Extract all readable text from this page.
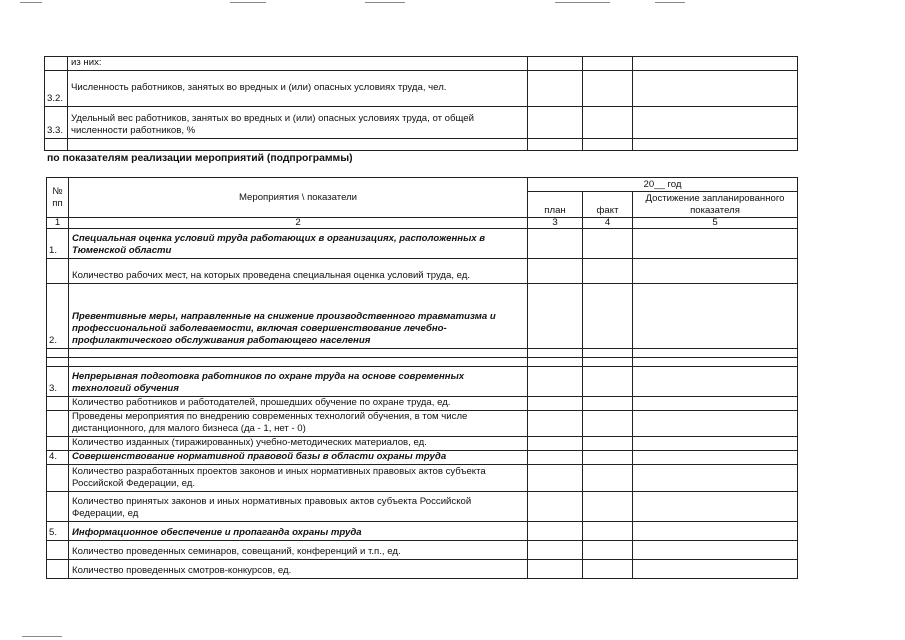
	из них:			
3.2.	Численность работников, занятых во вредных и (или) опасных условиях труда, чел.			
3.3.	Удельный вес работников, занятых во вредных и (или) опасных условиях труда, от общей численности работников, %			

по показателям реализации мероприятий (подпрограммы)
№ пп	Мероприятия \ показатели	20__ год		
		план	факт	Достижение запланированного показателя
1	2	3	4	5
1.	Специальная оценка условий труда работающих в организациях, расположенных в Тюменской области			
	Количество рабочих мест, на которых проведена специальная оценка условий труда, ед.			
2.	Превентивные меры, направленные на снижение производственного травматизма и профессиональной заболеваемости, включая совершенствование лечебно-профилактического обслуживания работающего населения			

3.	Непрерывная подготовка работников по охране труда на основе современных технологий обучения			
	Количество работников и работодателей, прошедших обучение по охране труда, ед.			
	Проведены мероприятия по внедрению современных технологий обучения, в том числе дистанционного, для малого бизнеса (да - 1, нет - 0)			
	Количество изданных (тиражированных) учебно-методических материалов, ед.			
4.	Совершенствование нормативной правовой базы в области охраны труда			
	Количество разработанных проектов законов и иных нормативных правовых актов субъекта Российской Федерации, ед.			
	Количество принятых законов и иных нормативных правовых актов субъекта Российской Федерации, ед			
5.	Информационное обеспечение и пропаганда охраны труда			
	Количество проведенных семинаров, совещаний, конференций и т.п., ед.			
	Количество проведенных смотров-конкурсов, ед.			
